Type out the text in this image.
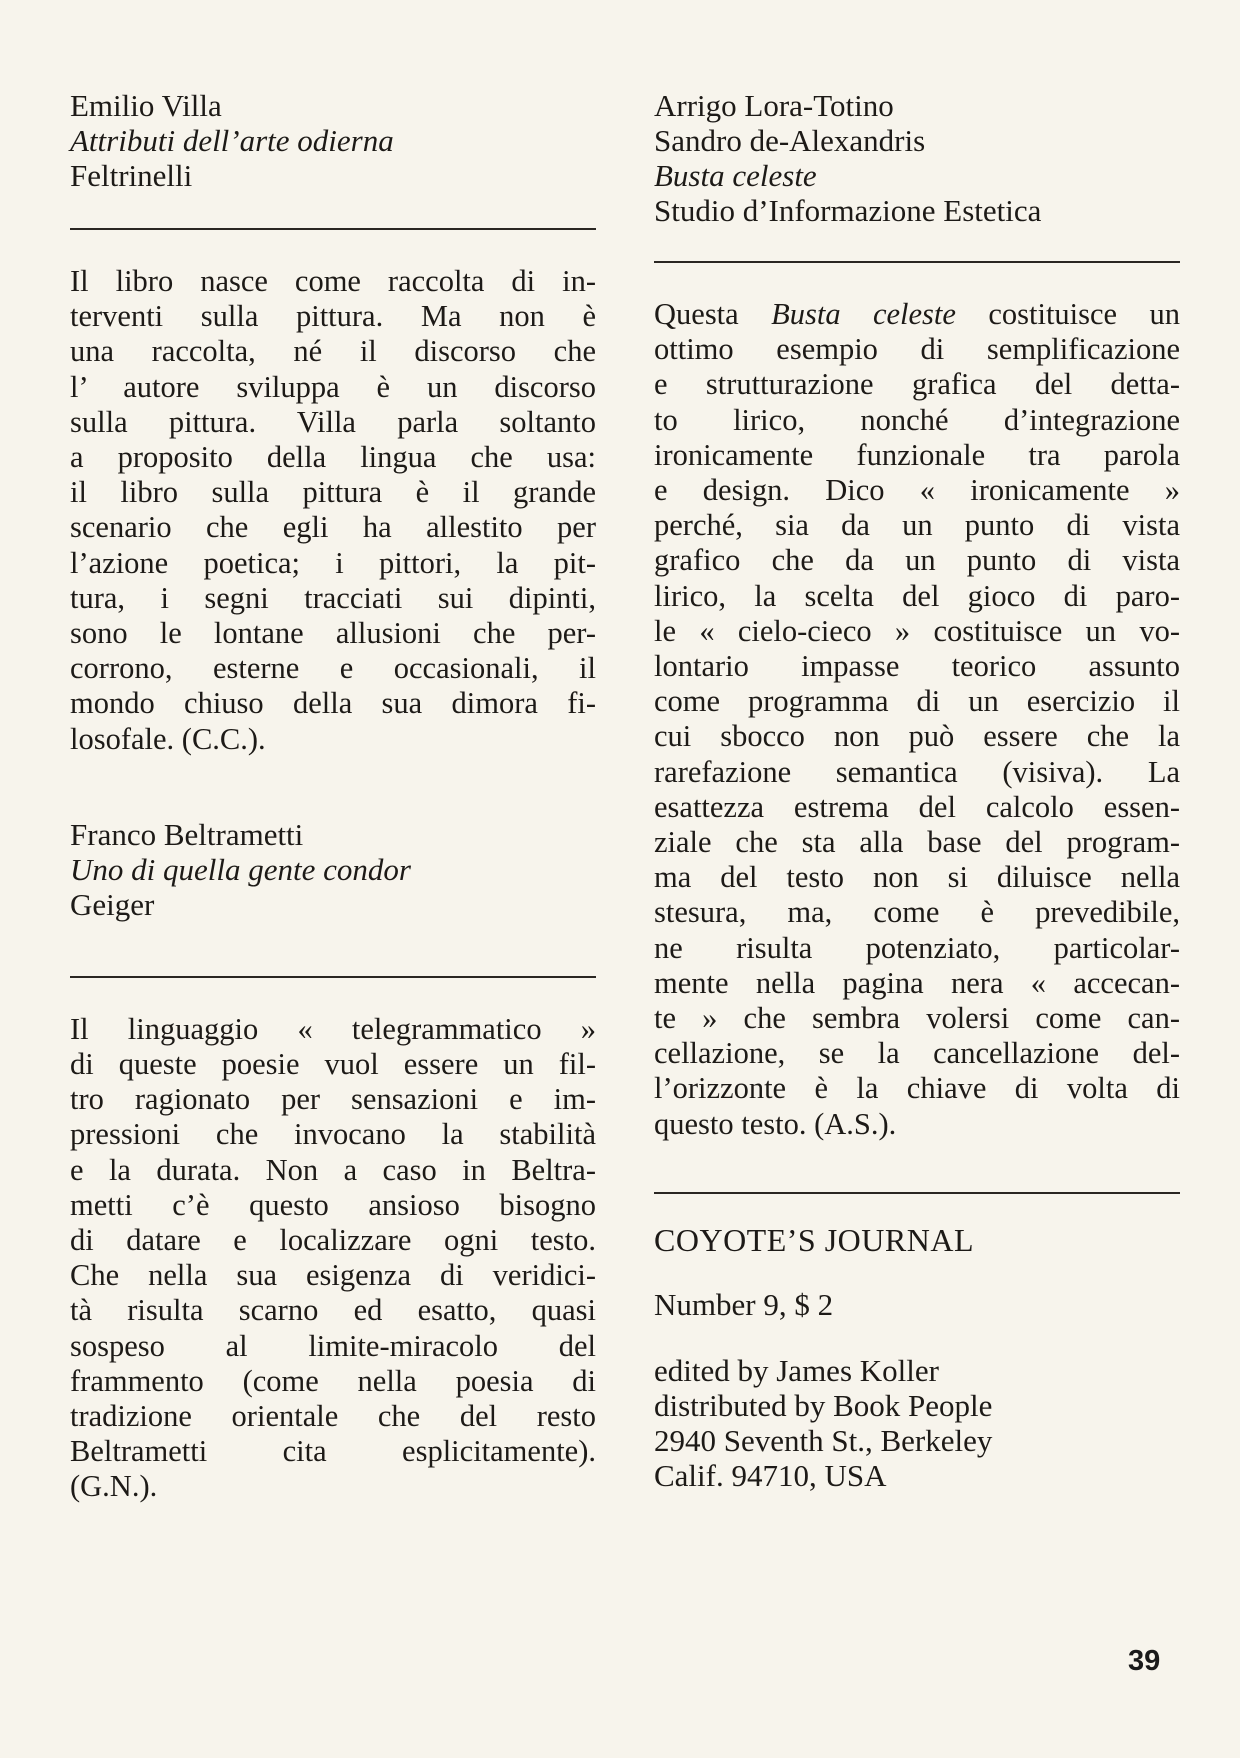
Emilio Villa
Attributi dell’arte odierna
Feltrinelli
Il libro nasce come raccolta di in-
terventi sulla pittura. Ma non è
una raccolta, né il discorso che
l’ autore sviluppa è un discorso
sulla pittura. Villa parla soltanto
a proposito della lingua che usa:
il libro sulla pittura è il grande
scenario che egli ha allestito per
l’azione poetica; i pittori, la pit-
tura, i segni tracciati sui dipinti,
sono le lontane allusioni che per-
corrono, esterne e occasionali, il
mondo chiuso della sua dimora fi-
losofale. (C.C.).
Franco Beltrametti
Uno di quella gente condor
Geiger
Il linguaggio « telegrammatico »
di queste poesie vuol essere un fil-
tro ragionato per sensazioni e im-
pressioni che invocano la stabilità
e la durata. Non a caso in Beltra-
metti c’è questo ansioso bisogno
di datare e localizzare ogni testo.
Che nella sua esigenza di veridici-
tà risulta scarno ed esatto, quasi
sospeso al limite-miracolo del
frammento (come nella poesia di
tradizione orientale che del resto
Beltrametti cita esplicitamente).
(G.N.).
Arrigo Lora-Totino
Sandro de-Alexandris
Busta celeste
Studio d’Informazione Estetica
Questa Busta celeste costituisce un
ottimo esempio di semplificazione
e strutturazione grafica del detta-
to lirico, nonché d’integrazione
ironicamente funzionale tra parola
e design. Dico « ironicamente »
perché, sia da un punto di vista
grafico che da un punto di vista
lirico, la scelta del gioco di paro-
le « cielo-cieco » costituisce un vo-
lontario impasse teorico assunto
come programma di un esercizio il
cui sbocco non può essere che la
rarefazione semantica (visiva). La
esattezza estrema del calcolo essen-
ziale che sta alla base del program-
ma del testo non si diluisce nella
stesura, ma, come è prevedibile,
ne risulta potenziato, particolar-
mente nella pagina nera « accecan-
te » che sembra volersi come can-
cellazione, se la cancellazione del-
l’orizzonte è la chiave di volta di
questo testo. (A.S.).
COYOTE’S JOURNAL
Number 9, $ 2
edited by James Koller
distributed by Book People
2940 Seventh St., Berkeley
Calif. 94710, USA
39
